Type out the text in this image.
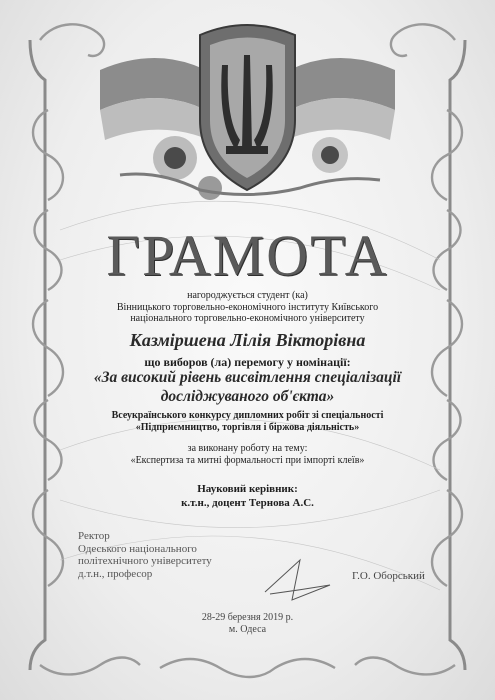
ГРАМОТА
нагороджується студент (ка)
Вінницького торговельно-економічного інституту Київського
національного торговельно-економічного університету
Казміршена Лілія Вікторівна
що виборов (ла) перемогу у номінації:
«За високий рівень висвітлення спеціалізації
досліджуваного об'єкта»
Всеукраїнського конкурсу дипломних робіт зі спеціальності
«Підприємництво, торгівля і біржова діяльність»
за виконану роботу на тему:
«Експертиза та митні формальності при імпорті клеїв»
Науковий керівник:
к.т.н., доцент Тернова А.С.
Ректор
Одеського національного
політехнічного університету
д.т.н., професор	Г.О. Оборський
28-29 березня 2019 р.
м. Одеса
